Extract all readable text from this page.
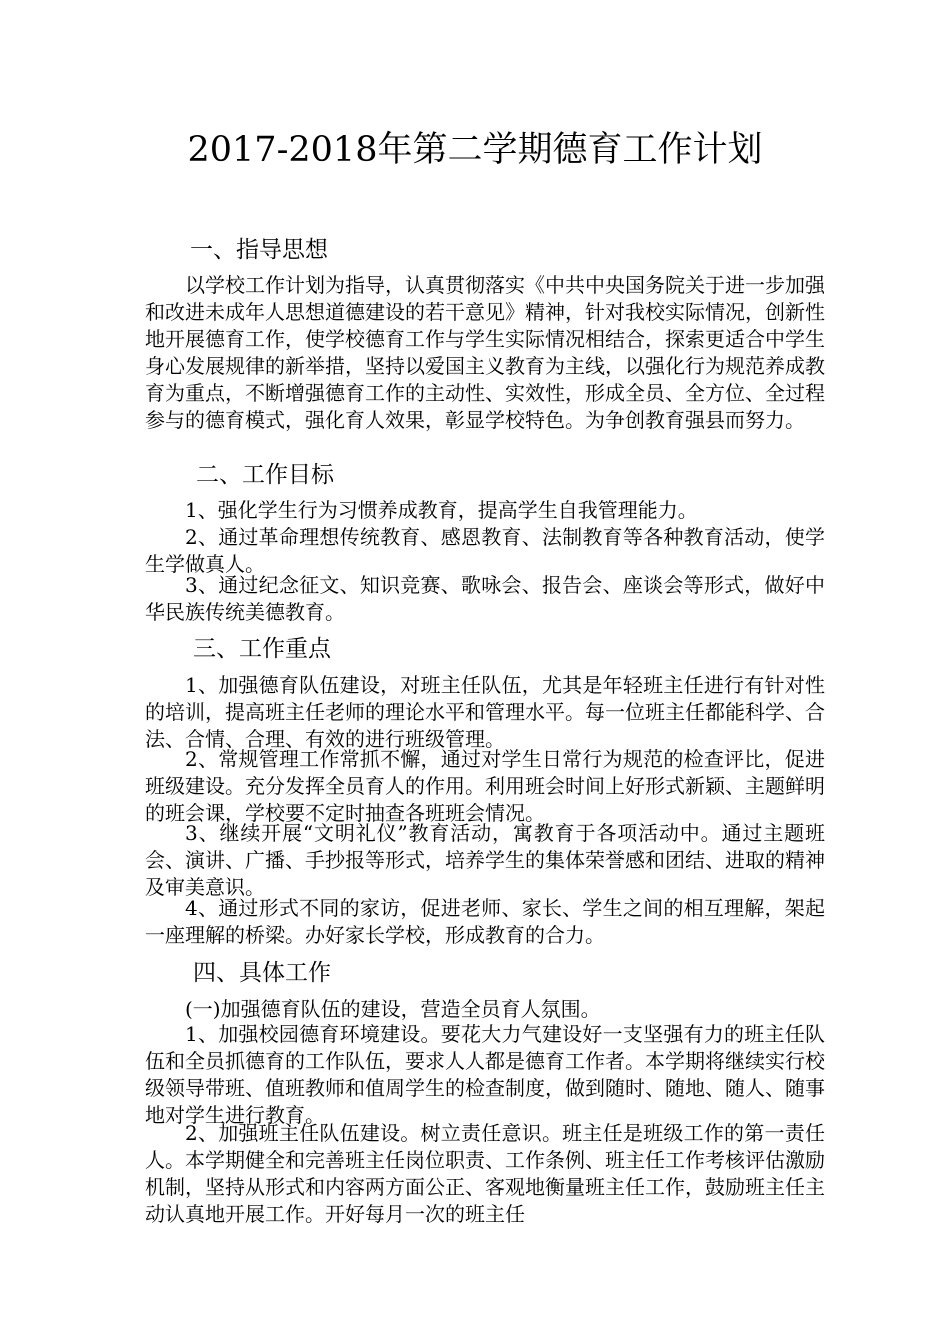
2017-2018年第二学期德育工作计划
一、指导思想

以学校工作计划为指导，认真贯彻落实《中共中央国务院关于进一步加强和改进未成年人思想道德建设的若干意见》精神，针对我校实际情况，创新性地开展德育工作，使学校德育工作与学生实际情况相结合，探索更适合中学生身心发展规律的新举措，坚持以爱国主义教育为主线，以强化行为规范养成教育为重点，不断增强德育工作的主动性、实效性，形成全员、全方位、全过程参与的德育模式，强化育人效果，彰显学校特色。为争创教育强县而努力。

二、工作目标

1、强化学生行为习惯养成教育，提高学生自我管理能力。

2、通过革命理想传统教育、感恩教育、法制教育等各种教育活动，使学生学做真人。

3、通过纪念征文、知识竞赛、歌咏会、报告会、座谈会等形式，做好中华民族传统美德教育。

三、工作重点

1、加强德育队伍建设，对班主任队伍，尤其是年轻班主任进行有针对性的培训，提高班主任老师的理论水平和管理水平。每一位班主任都能科学、合法、合情、合理、有效的进行班级管理。

2、常规管理工作常抓不懈，通过对学生日常行为规范的检查评比，促进班级建设。充分发挥全员育人的作用。利用班会时间上好形式新颖、主题鲜明的班会课，学校要不定时抽查各班班会情况。

3、继续开展“文明礼仪”教育活动，寓教育于各项活动中。通过主题班会、演讲、广播、手抄报等形式，培养学生的集体荣誉感和团结、进取的精神及审美意识。

4、通过形式不同的家访，促进老师、家长、学生之间的相互理解，架起一座理解的桥梁。办好家长学校，形成教育的合力。

四、具体工作

(一)加强德育队伍的建设，营造全员育人氛围。

1、加强校园德育环境建设。要花大力气建设好一支坚强有力的班主任队伍和全员抓德育的工作队伍，要求人人都是德育工作者。本学期将继续实行校级领导带班、值班教师和值周学生的检查制度，做到随时、随地、随人、随事地对学生进行教育。

2、加强班主任队伍建设。树立责任意识。班主任是班级工作的第一责任人。本学期健全和完善班主任岗位职责、工作条例、班主任工作考核评估激励机制，坚持从形式和内容两方面公正、客观地衡量班主任工作，鼓励班主任主动认真地开展工作。开好每月一次的班主任
